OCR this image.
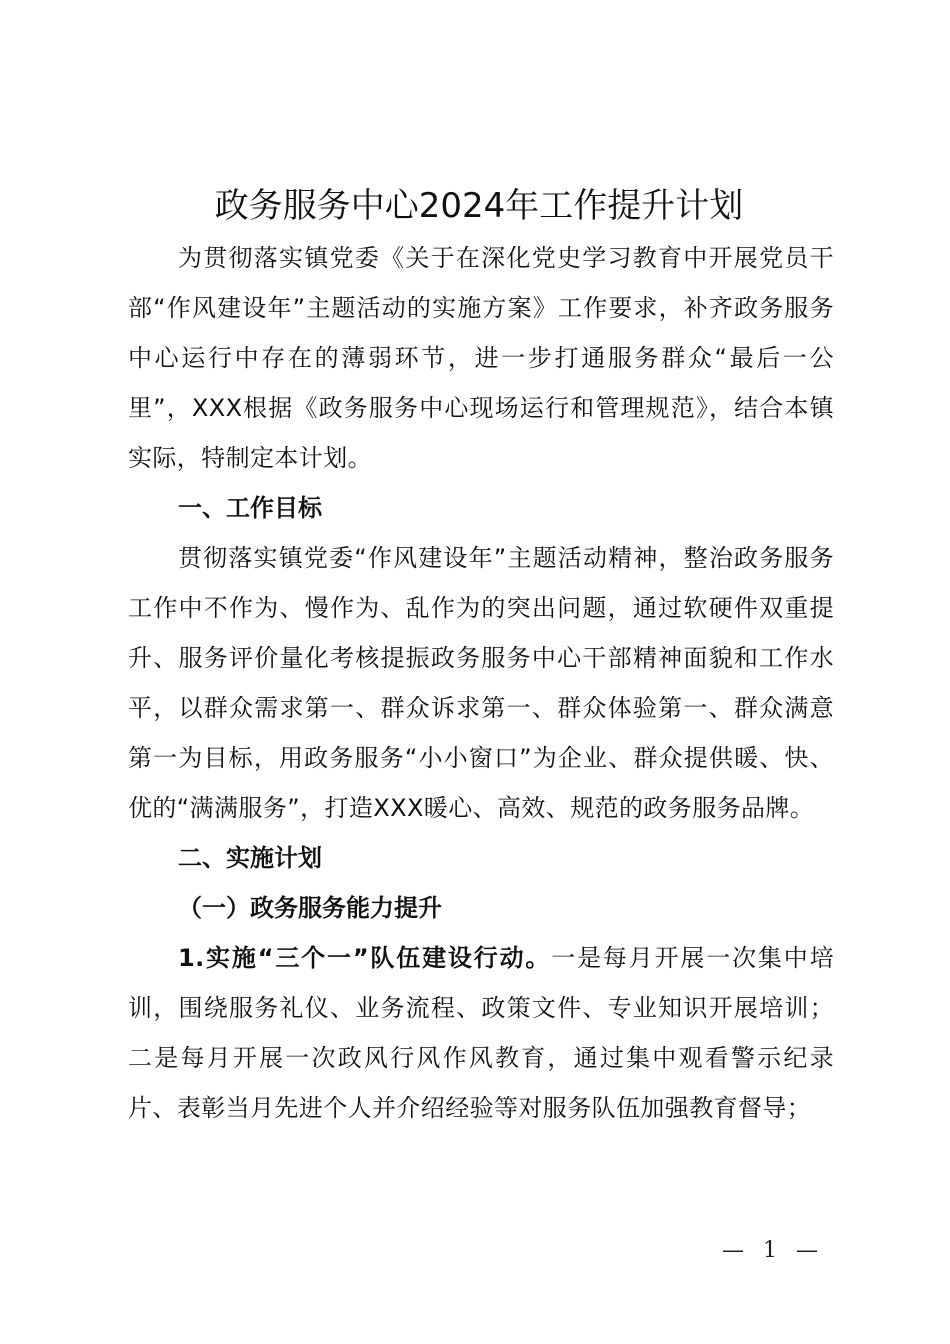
政务服务中心2024年工作提升计划

为贯彻落实镇党委《关于在深化党史学习教育中开展党员干部“作风建设年”主题活动的实施方案》工作要求，补齐政务服务中心运行中存在的薄弱环节，进一步打通服务群众“最后一公里”，XXX根据《政务服务中心现场运行和管理规范》，结合本镇实际，特制定本计划。

一、工作目标

贯彻落实镇党委“作风建设年”主题活动精神，整治政务服务工作中不作为、慢作为、乱作为的突出问题，通过软硬件双重提升、服务评价量化考核提振政务服务中心干部精神面貌和工作水平，以群众需求第一、群众诉求第一、群众体验第一、群众满意第一为目标，用政务服务“小小窗口”为企业、群众提供暖、快、优的“满满服务”，打造XXX暖心、高效、规范的政务服务品牌。

二、实施计划

（一）政务服务能力提升

1.实施“三个一”队伍建设行动。一是每月开展一次集中培训，围绕服务礼仪、业务流程、政策文件、专业知识开展培训；二是每月开展一次政风行风作风教育，通过集中观看警示纪录片、表彰当月先进个人并介绍经验等对服务队伍加强教育督导；

— 1 —
